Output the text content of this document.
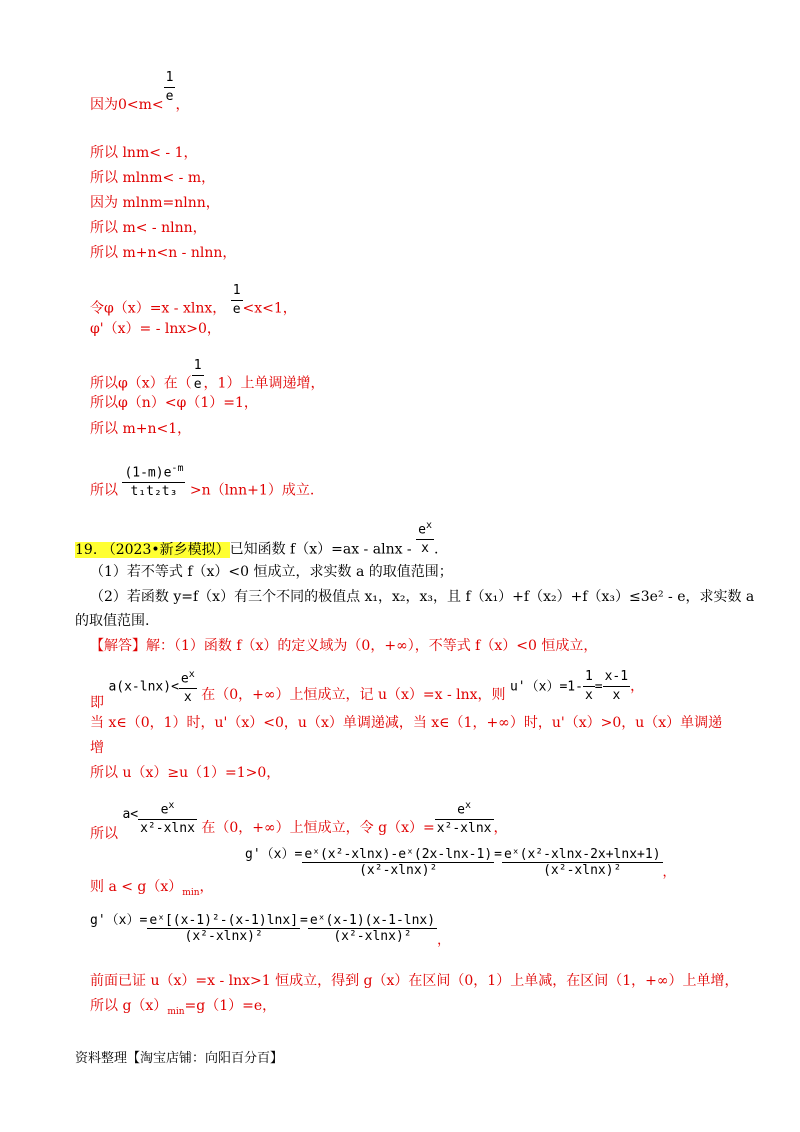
因为$0<m< \frac{1}{e}$ ，
所以 lnm< - 1，
所以 mlnm< - m，
因为 mlnm=nlnn，
所以 m< - nlnn，
所以 m+n<n - nlnn，
令φ（x）=x - xlnx， $\frac{1}{e} <x<1$，
φ'（x）= - lnx>0，
所以φ（x）在（ $\frac{1}{e}$ ，1）上单调递增，
所以φ（n）<φ（1）=1，
所以 m+n<1，
所以 $\frac{(1-m)e^{-m}}{\text{t₁t₂t₃}} >n(\ln n+1)$成立.
19. （2023•新乡模拟）已知函数 $f(x)=ax - alnx - \frac{e^x}{x}$ .
（1）若不等式 f（x）<0 恒成立，求实数 a 的取值范围；
（2）若函数 y=f（x）有三个不同的极值点 x₁，x₂，x₃，且 f（x₁）+f（x₂）+f（x₃）≤3e² - e，求实数 a
的取值范围.
【解答】解：（1）函数 f（x）的定义域为（0，+∞），不等式 f（x）<0 恒成立，
即 $a(x-\ln x)< \frac{e^x}{x}$ 在（0，+∞）上恒成立，记 u（x）=x - lnx，则 $u'(x)=1- \frac{1}{x} = \frac{x-1}{x}$ ，
当 x∈（0，1）时，u'（x）<0，u（x）单调递减，当 x∈（1，+∞）时，u'（x）>0，u（x）单调递
增
所以 u（x）≥u（1）=1>0，
所以 $a< \frac{e^x}{\text{x²-xlnx}}$ 在（0，+∞）上恒成立，令 $g(x)= \frac{e^x}{\text{x²-xlnx}}$ ，
则 $a < g(x)_{min}$，
$g'(x)= \frac{\text{eˣ(x²-xlnx)-eˣ(2x-lnx-1)}}{\text{(x²-xlnx)²}} = \frac{\text{eˣ(x²-xlnx-2x+lnx+1)}}{\text{(x²-xlnx)²}}$ ，
$g'(x)= \frac{\text{eˣ[(x-1)²-(x-1)lnx]}}{\text{(x²-xlnx)²}} = \frac{\text{eˣ(x-1)(x-1-lnx)}}{\text{(x²-xlnx)²}}$ ，
前面已证 u（x）=x - lnx>1 恒成立，得到 g（x）在区间（0，1）上单减，在区间（1，+∞）上单增，
所以 $g(x)_{min}=g(1)=e$，
资料整理【淘宝店铺：向阳百分百】
